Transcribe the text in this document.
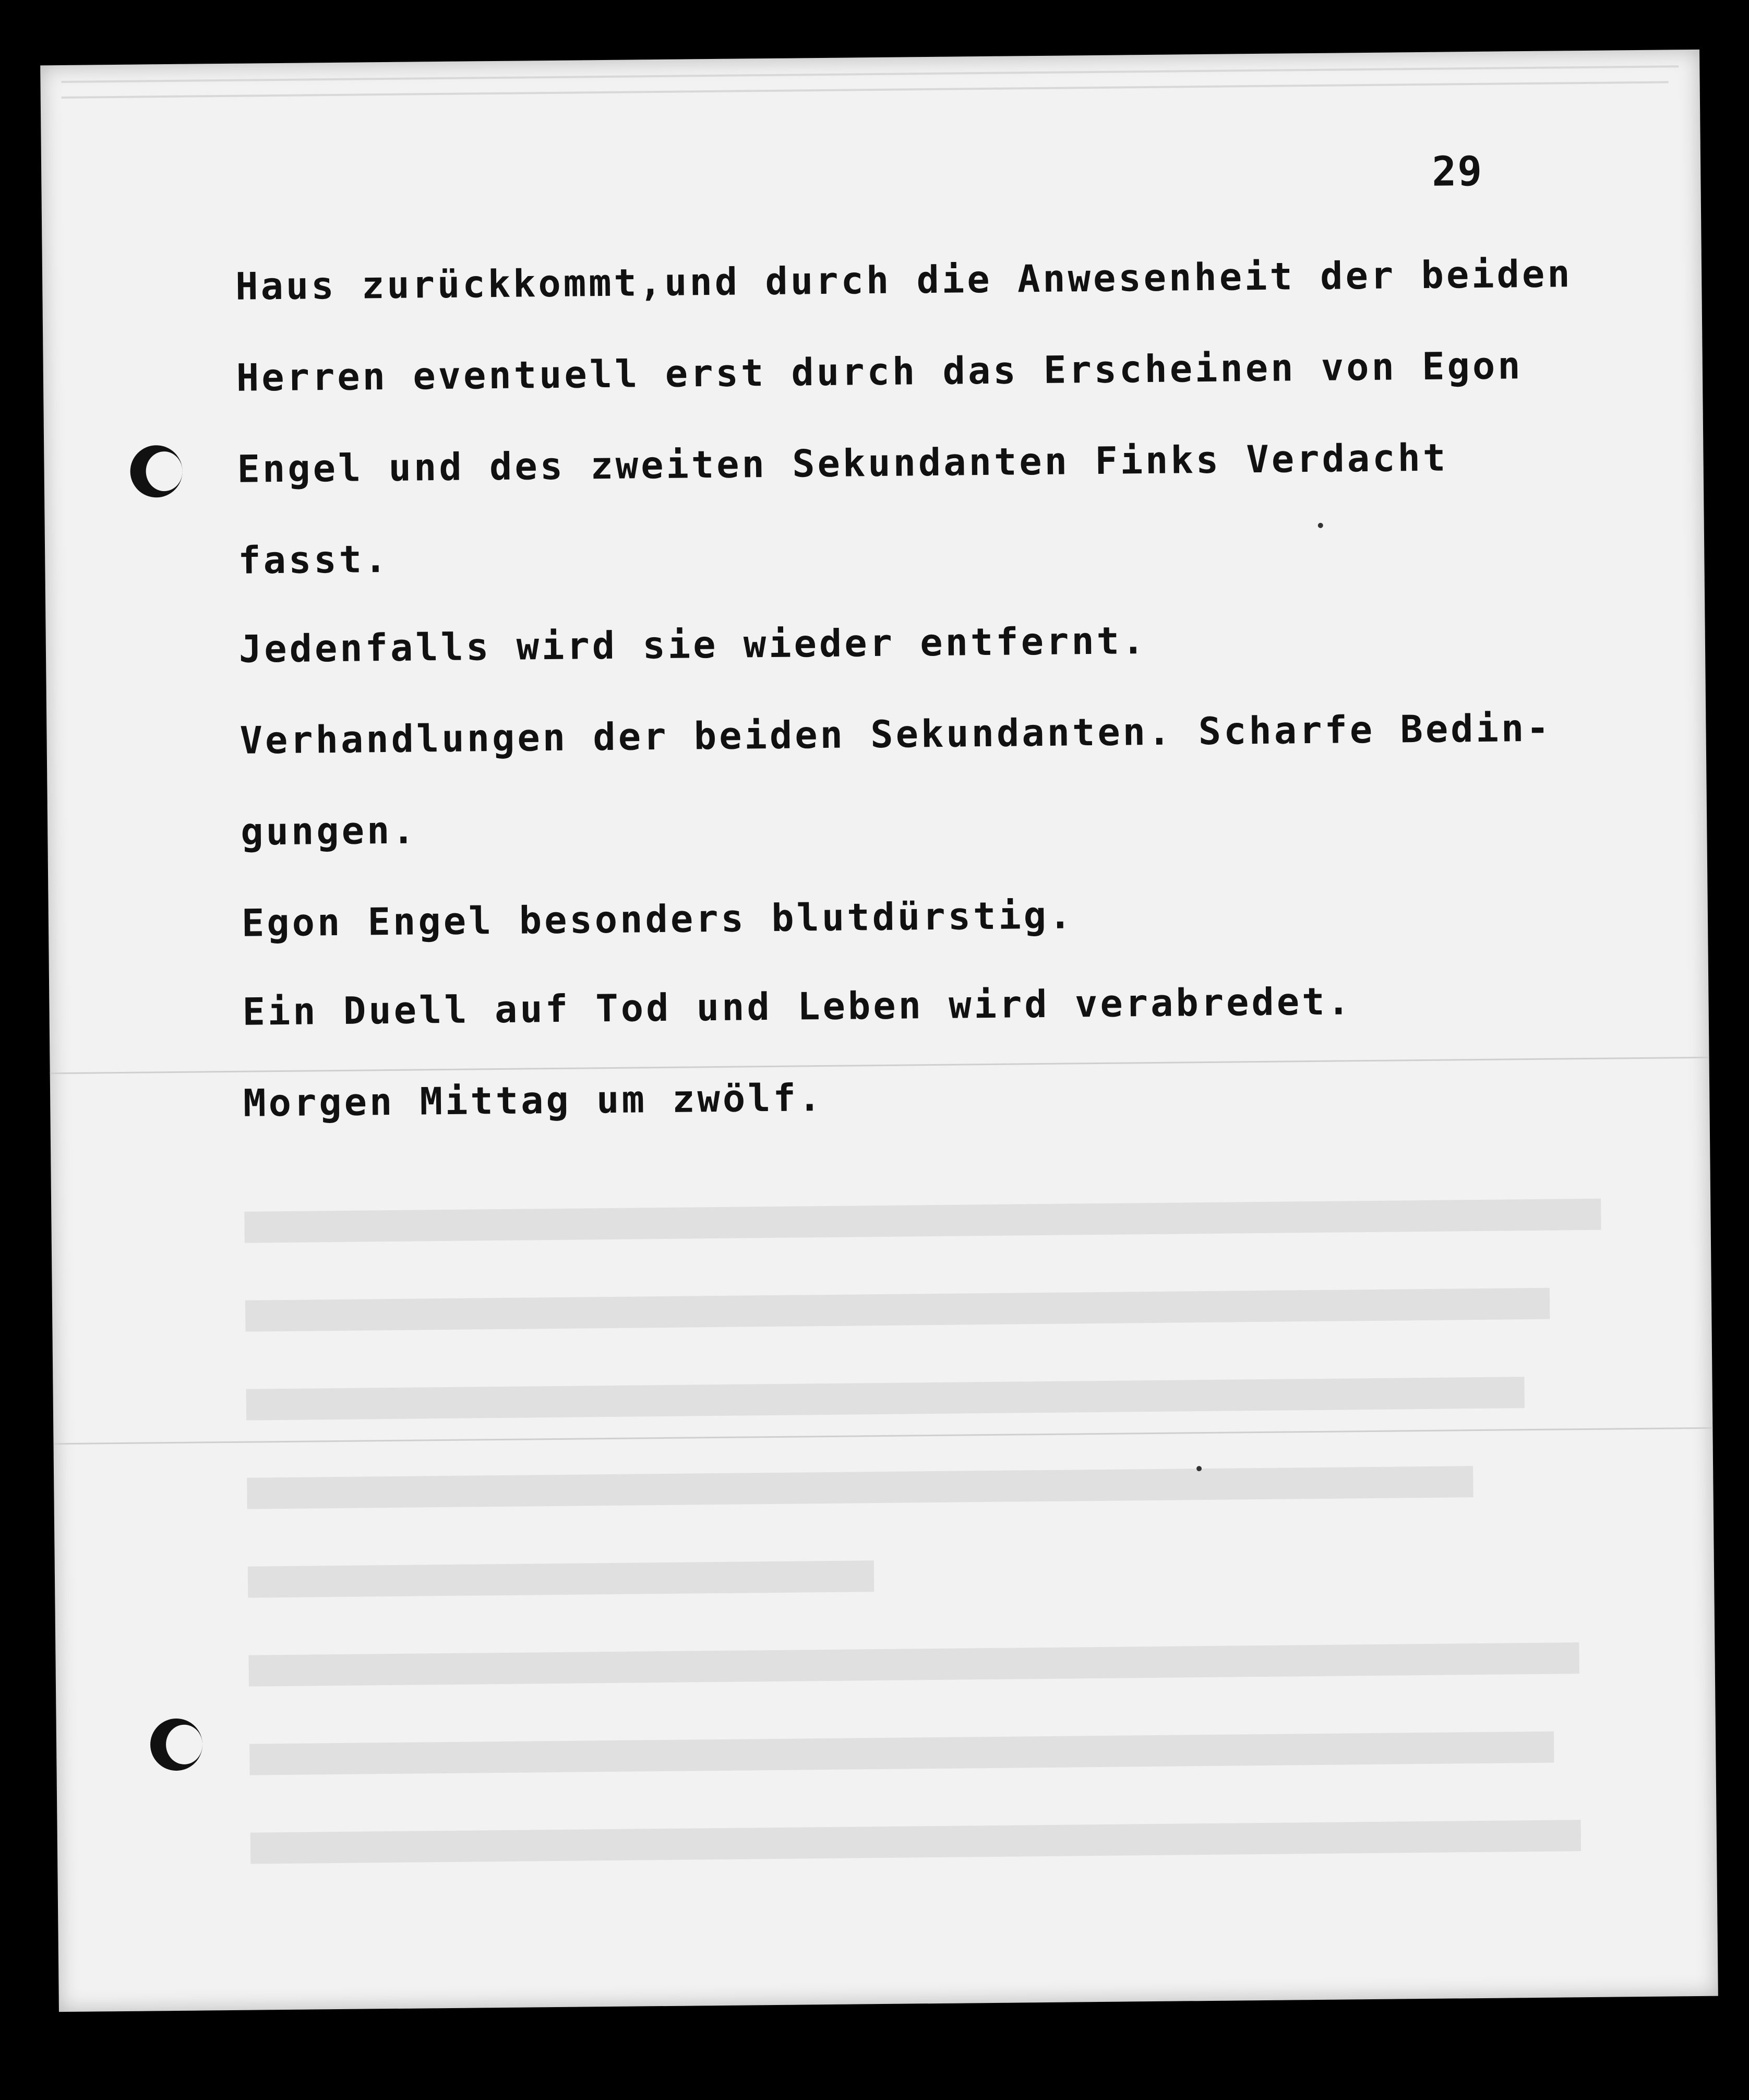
29
Haus zurückkommt,und durch die Anwesenheit der beiden
Herren eventuell erst durch das Erscheinen von Egon
Engel und des zweiten Sekundanten Finks Verdacht
fasst.
Jedenfalls wird sie wieder entfernt.
Verhandlungen der beiden Sekundanten. Scharfe Bedin-
gungen.
Egon Engel besonders blutdürstig.
Ein Duell auf Tod und Leben wird verabredet.
Morgen Mittag um zwölf.
